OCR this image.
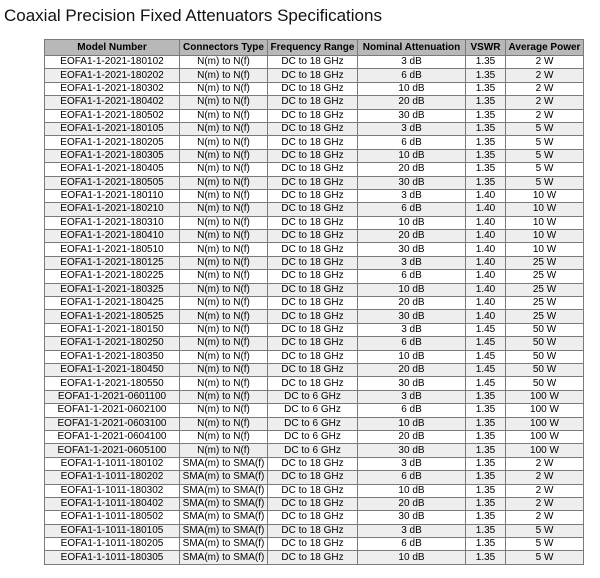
Coaxial Precision Fixed Attenuators Specifications
Model Number	Connectors Type	Frequency Range	Nominal Attenuation	VSWR	Average Power
EOFA1-1-2021-180102	N(m) to N(f)	DC to 18 GHz	3 dB	1.35	2 W
EOFA1-1-2021-180202	N(m) to N(f)	DC to 18 GHz	6 dB	1.35	2 W
EOFA1-1-2021-180302	N(m) to N(f)	DC to 18 GHz	10 dB	1.35	2 W
EOFA1-1-2021-180402	N(m) to N(f)	DC to 18 GHz	20 dB	1.35	2 W
EOFA1-1-2021-180502	N(m) to N(f)	DC to 18 GHz	30 dB	1.35	2 W
EOFA1-1-2021-180105	N(m) to N(f)	DC to 18 GHz	3 dB	1.35	5 W
EOFA1-1-2021-180205	N(m) to N(f)	DC to 18 GHz	6 dB	1.35	5 W
EOFA1-1-2021-180305	N(m) to N(f)	DC to 18 GHz	10 dB	1.35	5 W
EOFA1-1-2021-180405	N(m) to N(f)	DC to 18 GHz	20 dB	1.35	5 W
EOFA1-1-2021-180505	N(m) to N(f)	DC to 18 GHz	30 dB	1.35	5 W
EOFA1-1-2021-180110	N(m) to N(f)	DC to 18 GHz	3 dB	1.40	10 W
EOFA1-1-2021-180210	N(m) to N(f)	DC to 18 GHz	6 dB	1.40	10 W
EOFA1-1-2021-180310	N(m) to N(f)	DC to 18 GHz	10 dB	1.40	10 W
EOFA1-1-2021-180410	N(m) to N(f)	DC to 18 GHz	20 dB	1.40	10 W
EOFA1-1-2021-180510	N(m) to N(f)	DC to 18 GHz	30 dB	1.40	10 W
EOFA1-1-2021-180125	N(m) to N(f)	DC to 18 GHz	3 dB	1.40	25 W
EOFA1-1-2021-180225	N(m) to N(f)	DC to 18 GHz	6 dB	1.40	25 W
EOFA1-1-2021-180325	N(m) to N(f)	DC to 18 GHz	10 dB	1.40	25 W
EOFA1-1-2021-180425	N(m) to N(f)	DC to 18 GHz	20 dB	1.40	25 W
EOFA1-1-2021-180525	N(m) to N(f)	DC to 18 GHz	30 dB	1.40	25 W
EOFA1-1-2021-180150	N(m) to N(f)	DC to 18 GHz	3 dB	1.45	50 W
EOFA1-1-2021-180250	N(m) to N(f)	DC to 18 GHz	6 dB	1.45	50 W
EOFA1-1-2021-180350	N(m) to N(f)	DC to 18 GHz	10 dB	1.45	50 W
EOFA1-1-2021-180450	N(m) to N(f)	DC to 18 GHz	20 dB	1.45	50 W
EOFA1-1-2021-180550	N(m) to N(f)	DC to 18 GHz	30 dB	1.45	50 W
EOFA1-1-2021-0601100	N(m) to N(f)	DC to 6 GHz	3 dB	1.35	100 W
EOFA1-1-2021-0602100	N(m) to N(f)	DC to 6 GHz	6 dB	1.35	100 W
EOFA1-1-2021-0603100	N(m) to N(f)	DC to 6 GHz	10 dB	1.35	100 W
EOFA1-1-2021-0604100	N(m) to N(f)	DC to 6 GHz	20 dB	1.35	100 W
EOFA1-1-2021-0605100	N(m) to N(f)	DC to 6 GHz	30 dB	1.35	100 W
EOFA1-1-1011-180102	SMA(m) to SMA(f)	DC to 18 GHz	3 dB	1.35	2 W
EOFA1-1-1011-180202	SMA(m) to SMA(f)	DC to 18 GHz	6 dB	1.35	2 W
EOFA1-1-1011-180302	SMA(m) to SMA(f)	DC to 18 GHz	10 dB	1.35	2 W
EOFA1-1-1011-180402	SMA(m) to SMA(f)	DC to 18 GHz	20 dB	1.35	2 W
EOFA1-1-1011-180502	SMA(m) to SMA(f)	DC to 18 GHz	30 dB	1.35	2 W
EOFA1-1-1011-180105	SMA(m) to SMA(f)	DC to 18 GHz	3 dB	1.35	5 W
EOFA1-1-1011-180205	SMA(m) to SMA(f)	DC to 18 GHz	6 dB	1.35	5 W
EOFA1-1-1011-180305	SMA(m) to SMA(f)	DC to 18 GHz	10 dB	1.35	5 W
